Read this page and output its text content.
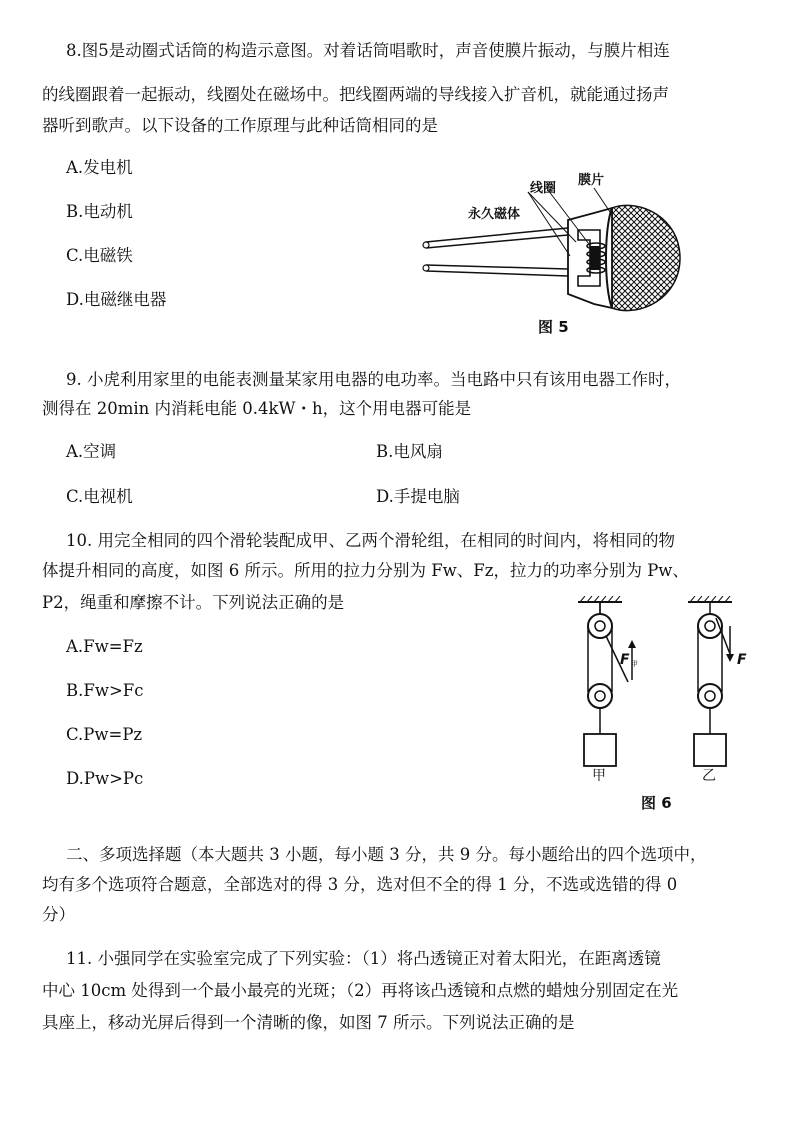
8.图5是动圈式话筒的构造示意图。对着话筒唱歌时，声音使膜片振动，与膜片相连
的线圈跟着一起振动，线圈处在磁场中。把线圈两端的导线接入扩音机，就能通过扬声
器听到歌声。以下设备的工作原理与此种话筒相同的是
A.发电机
B.电动机
C.电磁铁
D.电磁继电器
线圈
膜片
永久磁体
图 5
9. 小虎利用家里的电能表测量某家用电器的电功率。当电路中只有该用电器工作时，
测得在 20min 内消耗电能 0.4kW・h，这个用电器可能是
A.空调	B.电风扇
C.电视机	D.手提电脑
10. 用完全相同的四个滑轮装配成甲、乙两个滑轮组，在相同的时间内，将相同的物
体提升相同的高度，如图 6 所示。所用的拉力分别为 Fw、Fz，拉力的功率分别为 Pw、
P2，绳重和摩擦不计。下列说法正确的是
A.Fw=Fz
B.Fw>Fc
C.Pw=Pz
D.Pw>Pc
F 甲
甲
F
乙
图 6
二、多项选择题（本大题共 3 小题，每小题 3 分，共 9 分。每小题给出的四个选项中，
均有多个选项符合题意，全部选对的得 3 分，选对但不全的得 1 分，不选或选错的得 0
分）
11. 小强同学在实验室完成了下列实验：（1）将凸透镜正对着太阳光，在距离透镜
中心 10cm 处得到一个最小最亮的光斑；（2）再将该凸透镜和点燃的蜡烛分别固定在光
具座上，移动光屏后得到一个清晰的像，如图 7 所示。下列说法正确的是
